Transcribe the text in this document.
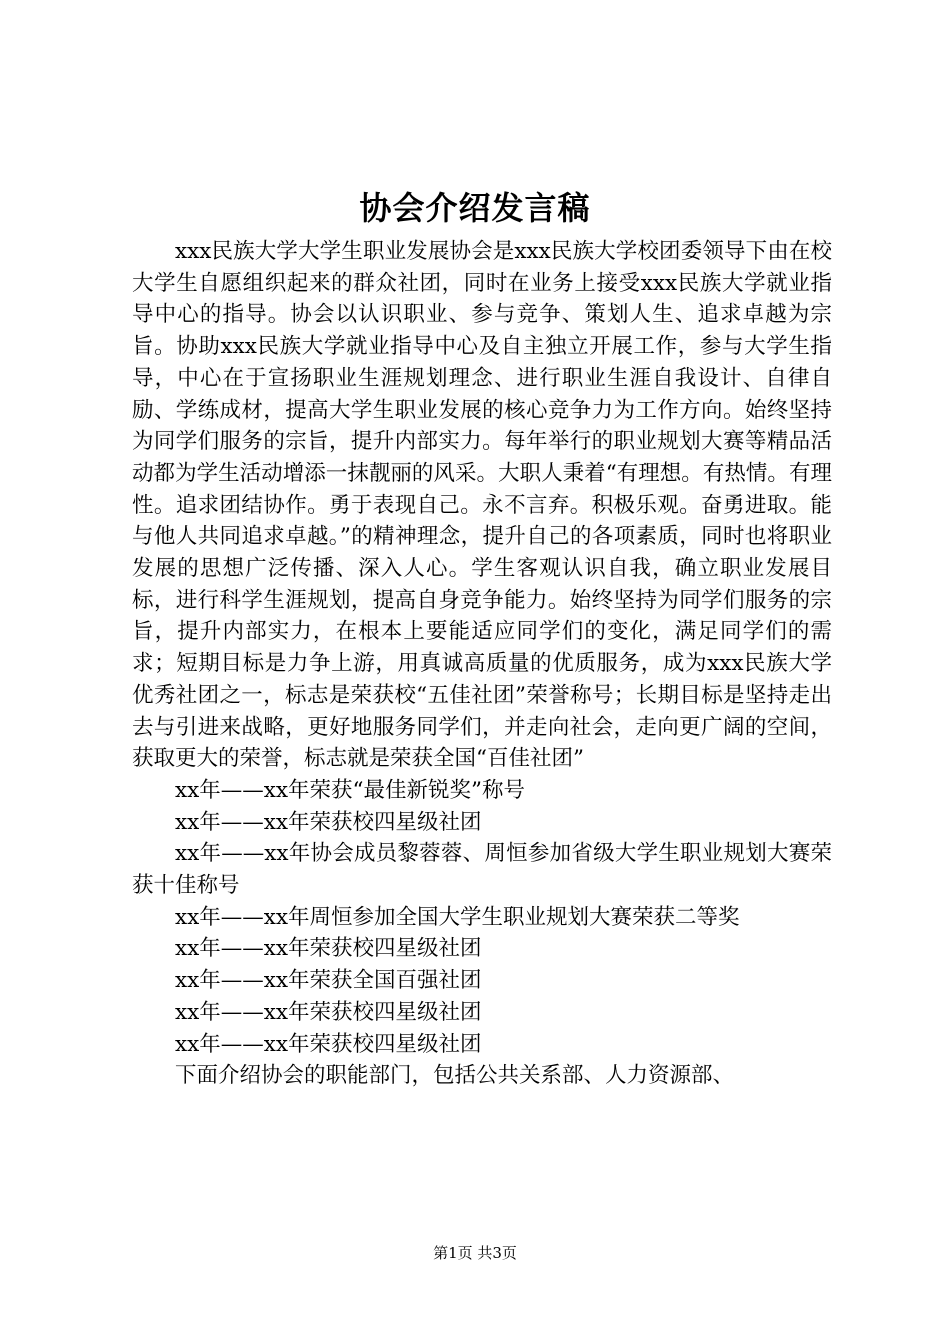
协会介绍发言稿

xxx民族大学大学生职业发展协会是xxx民族大学校团委领导下由在校大学生自愿组织起来的群众社团，同时在业务上接受xxx民族大学就业指导中心的指导。协会以认识职业、参与竞争、策划人生、追求卓越为宗旨。协助xxx民族大学就业指导中心及自主独立开展工作，参与大学生指导，中心在于宣扬职业生涯规划理念、进行职业生涯自我设计、自律自励、学练成材，提高大学生职业发展的核心竞争力为工作方向。始终坚持为同学们服务的宗旨，提升内部实力。每年举行的职业规划大赛等精品活动都为学生活动增添一抹靓丽的风采。大职人秉着“有理想。有热情。有理性。追求团结协作。勇于表现自己。永不言弃。积极乐观。奋勇进取。能与他人共同追求卓越。”的精神理念，提升自己的各项素质，同时也将职业发展的思想广泛传播、深入人心。学生客观认识自我，确立职业发展目标，进行科学生涯规划，提高自身竞争能力。始终坚持为同学们服务的宗旨，提升内部实力，在根本上要能适应同学们的变化，满足同学们的需求；短期目标是力争上游，用真诚高质量的优质服务，成为xxx民族大学优秀社团之一，标志是荣获校“五佳社团”荣誉称号；长期目标是坚持走出去与引进来战略，更好地服务同学们，并走向社会，走向更广阔的空间，获取更大的荣誉，标志就是荣获全国“百佳社团”

xx年——xx年荣获“最佳新锐奖”称号

xx年——xx年荣获校四星级社团

xx年——xx年协会成员黎蓉蓉、周恒参加省级大学生职业规划大赛荣获十佳称号

xx年——xx年周恒参加全国大学生职业规划大赛荣获二等奖

xx年——xx年荣获校四星级社团

xx年——xx年荣获全国百强社团

xx年——xx年荣获校四星级社团

xx年——xx年荣获校四星级社团

下面介绍协会的职能部门，包括公共关系部、人力资源部、

第1页 共3页
